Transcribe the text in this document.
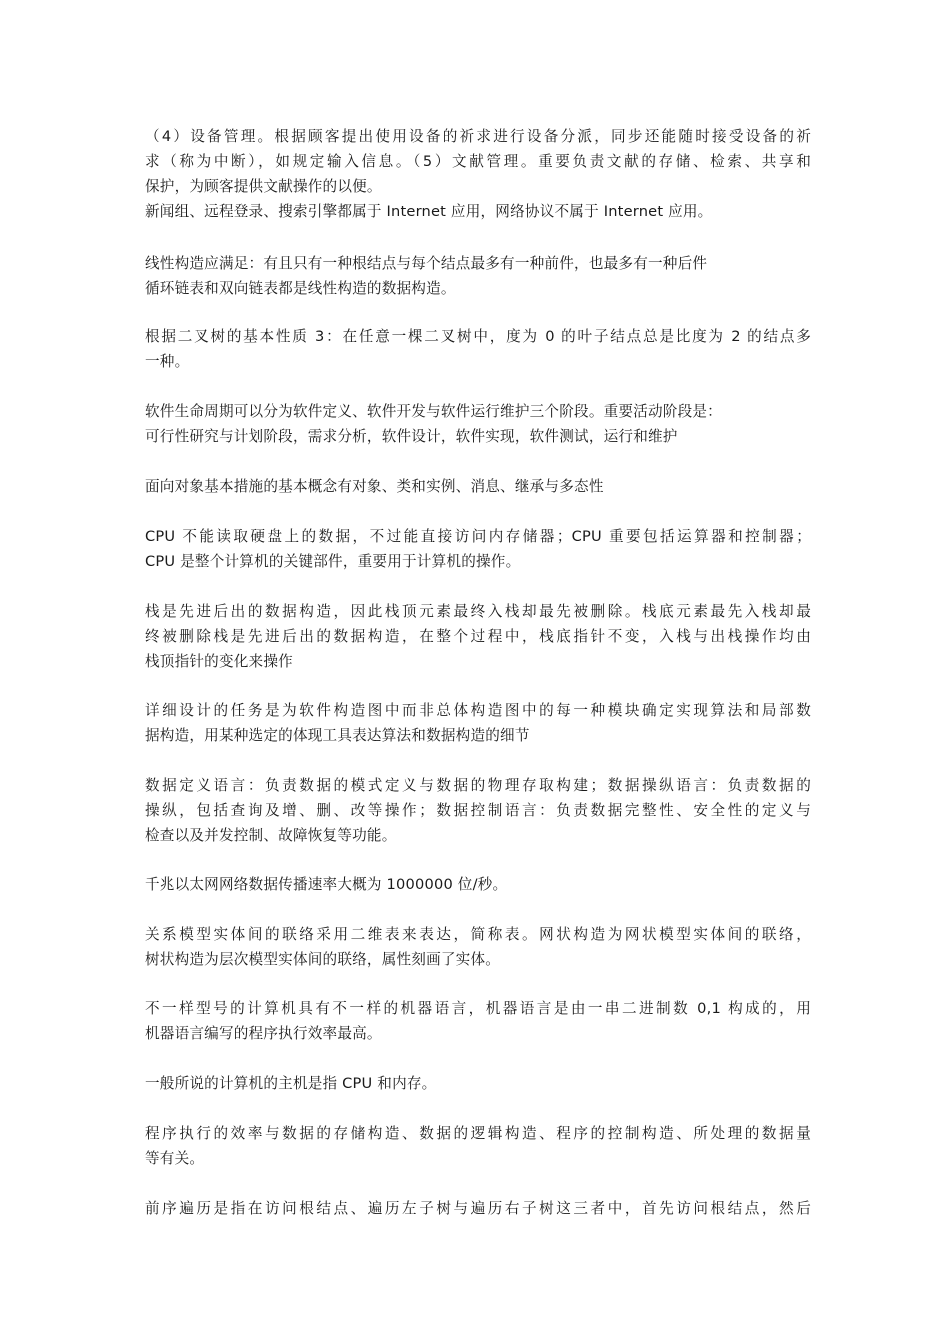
（4）设备管理。根据顾客提出使用设备的祈求进行设备分派，同步还能随时接受设备的祈
求（称为中断），如规定输入信息。（5）文献管理。重要负责文献的存储、检索、共享和
保护，为顾客提供文献操作的以便。
新闻组、远程登录、搜索引擎都属于 Internet 应用，网络协议不属于 Internet 应用。
线性构造应满足：有且只有一种根结点与每个结点最多有一种前件，也最多有一种后件
循环链表和双向链表都是线性构造的数据构造。
根据二叉树的基本性质 3：在任意一棵二叉树中，度为 0 的叶子结点总是比度为 2 的结点多
一种。
软件生命周期可以分为软件定义、软件开发与软件运行维护三个阶段。重要活动阶段是：
可行性研究与计划阶段，需求分析，软件设计，软件实现，软件测试，运行和维护
面向对象基本措施的基本概念有对象、类和实例、消息、继承与多态性
CPU 不能读取硬盘上的数据，不过能直接访问内存储器；CPU 重要包括运算器和控制器；
CPU 是整个计算机的关键部件，重要用于计算机的操作。
栈是先进后出的数据构造，因此栈顶元素最终入栈却最先被删除。栈底元素最先入栈却最
终被删除栈是先进后出的数据构造，在整个过程中，栈底指针不变，入栈与出栈操作均由
栈顶指针的变化来操作
详细设计的任务是为软件构造图中而非总体构造图中的每一种模块确定实现算法和局部数
据构造，用某种选定的体现工具表达算法和数据构造的细节
数据定义语言：负责数据的模式定义与数据的物理存取构建；数据操纵语言：负责数据的
操纵，包括查询及增、删、改等操作；数据控制语言：负责数据完整性、安全性的定义与
检查以及并发控制、故障恢复等功能。
千兆以太网网络数据传播速率大概为 1000000 位/秒。
关系模型实体间的联络采用二维表来表达，简称表。网状构造为网状模型实体间的联络，
树状构造为层次模型实体间的联络，属性刻画了实体。
不一样型号的计算机具有不一样的机器语言，机器语言是由一串二进制数 0,1 构成的，用
机器语言编写的程序执行效率最高。
一般所说的计算机的主机是指 CPU 和内存。
程序执行的效率与数据的存储构造、数据的逻辑构造、程序的控制构造、所处理的数据量
等有关。
前序遍历是指在访问根结点、遍历左子树与遍历右子树这三者中，首先访问根结点，然后
